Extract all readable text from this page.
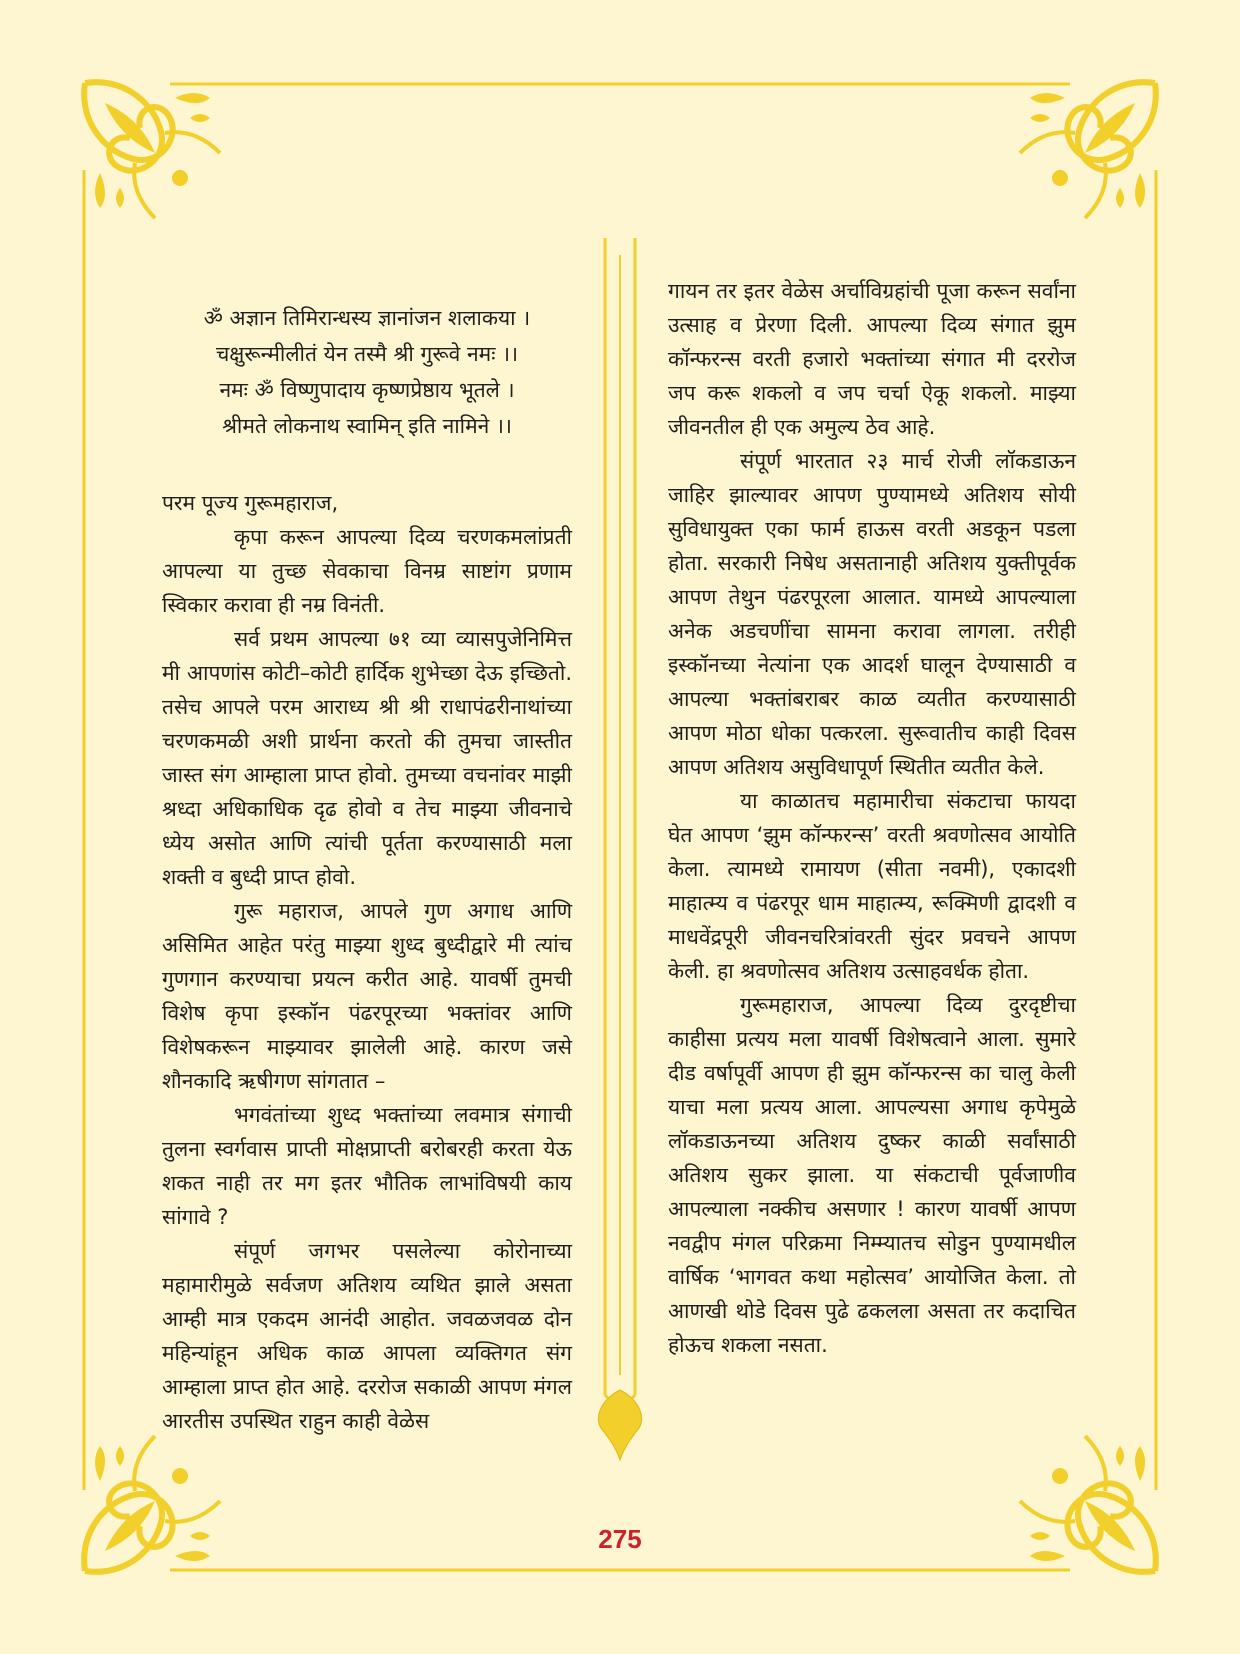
ॐ अज्ञान तिमिरान्धस्य ज्ञानांजन शलाकया ।
चक्षुरून्मीलीतं येन तस्मै श्री गुरूवे नमः ।।
नमः ॐ विष्णुपादाय कृष्णप्रेष्ठाय भूतले ।
श्रीमते लोकनाथ स्वामिन् इति नामिने ।।

परम पूज्य गुरूमहाराज,

कृपा करून आपल्या दिव्य चरणकमलांप्रती आपल्या या तुच्छ सेवकाचा विनम्र साष्टांग प्रणाम स्विकार करावा ही नम्र विनंती.

सर्व प्रथम आपल्या ७१ व्या व्यासपुजेनिमित्त मी आपणांस कोटी–कोटी हार्दिक शुभेच्छा देऊ इच्छितो. तसेच आपले परम आराध्य श्री श्री राधापंढरीनाथांच्या चरणकमळी अशी प्रार्थना करतो की तुमचा जास्तीत जास्त संग आम्हाला प्राप्त होवो. तुमच्या वचनांवर माझी श्रध्दा अधिकाधिक दृढ होवो व तेच माझ्या जीवनाचे ध्येय असोत आणि त्यांची पूर्तता करण्यासाठी मला शक्ती व बुध्दी प्राप्त होवो.

गुरू महाराज, आपले गुण अगाध आणि असिमित आहेत परंतु माझ्या शुध्द बुध्दीद्वारे मी त्यांच गुणगान करण्याचा प्रयत्न करीत आहे. यावर्षी तुमची विशेष कृपा इस्कॉन पंढरपूरच्या भक्तांवर आणि विशेषकरून माझ्यावर झालेली आहे. कारण जसे शौनकादि ऋषीगण सांगतात –

भगवंतांच्या शुध्द भक्तांच्या लवमात्र संगाची तुलना स्वर्गवास प्राप्ती मोक्षप्राप्ती बरोबरही करता येऊ शकत नाही तर मग इतर भौतिक लाभांविषयी काय सांगावे ?

संपूर्ण जगभर पसलेल्या कोरोनाच्या महामारीमुळे सर्वजण अतिशय व्यथित झाले असता आम्ही मात्र एकदम आनंदी आहोत. जवळजवळ दोन महिन्यांहून अधिक काळ आपला व्यक्तिगत संग आम्हाला प्राप्त होत आहे. दररोज सकाळी आपण मंगल आरतीस उपस्थित राहुन काही वेळेस

गायन तर इतर वेळेस अर्चाविग्रहांची पूजा करून सर्वांना उत्साह व प्रेरणा दिली. आपल्या दिव्य संगात झुम कॉन्फरन्स वरती हजारो भक्तांच्या संगात मी दररोज जप करू शकलो व जप चर्चा ऐकू शकलो. माझ्या जीवनतील ही एक अमुल्य ठेव आहे.

संपूर्ण भारतात २३ मार्च रोजी लॉकडाऊन जाहिर झाल्यावर आपण पुण्यामध्ये अतिशय सोयी सुविधायुक्त एका फार्म हाऊस वरती अडकून पडला होता. सरकारी निषेध असतानाही अतिशय युक्तीपूर्वक आपण तेथुन पंढरपूरला आलात. यामध्ये आपल्याला अनेक अडचणींचा सामना करावा लागला. तरीही इस्कॉनच्या नेत्यांना एक आदर्श घालून देण्यासाठी व आपल्या भक्तांबराबर काळ व्यतीत करण्यासाठी आपण मोठा धोका पत्करला. सुरूवातीच काही दिवस आपण अतिशय असुविधापूर्ण स्थितीत व्यतीत केले.

या काळातच महामारीचा संकटाचा फायदा घेत आपण ‘झुम कॉन्फरन्स’ वरती श्रवणोत्सव आयोति केला. त्यामध्ये रामायण (सीता नवमी), एकादशी माहात्म्य व पंढरपूर धाम माहात्म्य, रूक्मिणी द्वादशी व माधवेंद्रपूरी जीवनचरित्रांवरती सुंदर प्रवचने आपण केली. हा श्रवणोत्सव अतिशय उत्साहवर्धक होता.

गुरूमहाराज, आपल्या दिव्य दुरदृष्टीचा काहीसा प्रत्यय मला यावर्षी विशेषत्वाने आला. सुमारे दीड वर्षापूर्वी आपण ही झुम कॉन्फरन्स का चालु केली याचा मला प्रत्यय आला. आपल्यसा अगाध कृपेमुळे लॉकडाऊनच्या अतिशय दुष्कर काळी सर्वांसाठी अतिशय सुकर झाला. या संकटाची पूर्वजाणीव आपल्याला नक्कीच असणार ! कारण यावर्षी आपण नवद्वीप मंगल परिक्रमा निम्म्यातच सोडुन पुण्यामधील वार्षिक ‘भागवत कथा महोत्सव’ आयोजित केला. तो आणखी थोडे दिवस पुढे ढकलला असता तर कदाचित होऊच शकला नसता.

275
